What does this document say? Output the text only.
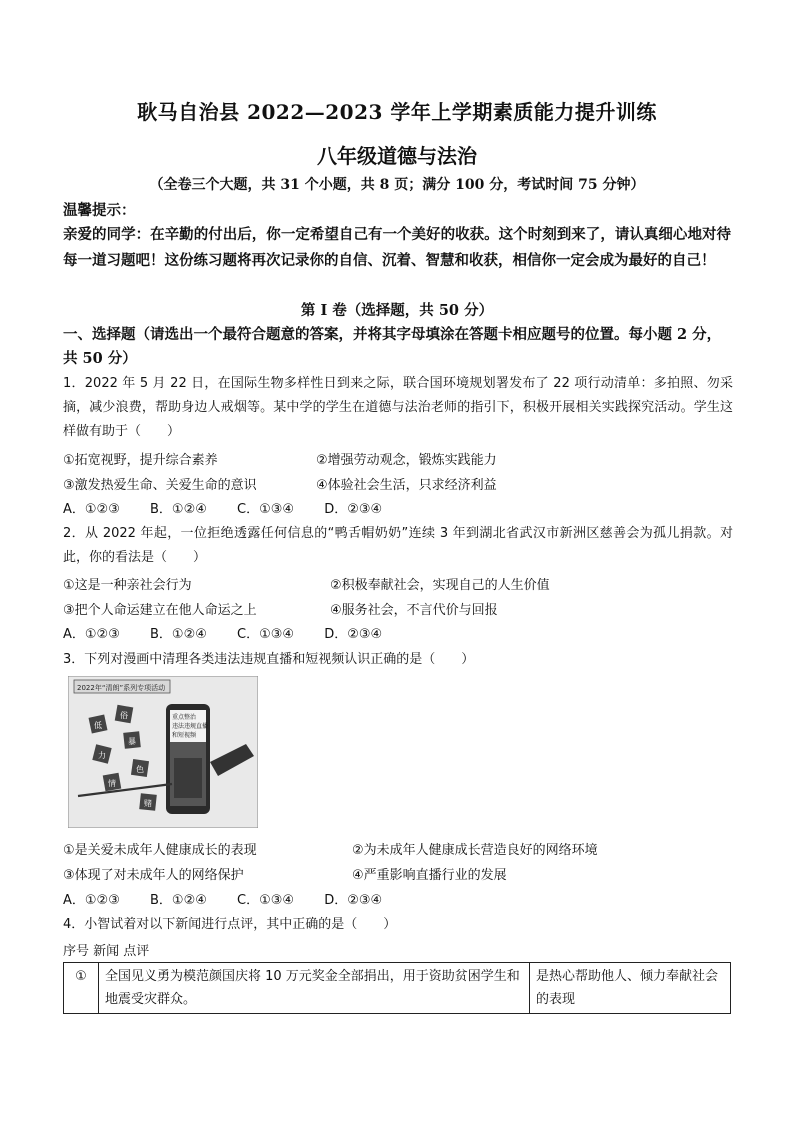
耿马自治县 2022—2023 学年上学期素质能力提升训练
八年级道德与法治
（全卷三个大题，共 31 个小题，共 8 页；满分 100 分，考试时间 75 分钟）
温馨提示：
亲爱的同学：在辛勤的付出后，你一定希望自己有一个美好的收获。这个时刻到来了，请认真细心地对待每一道习题吧！这份练习题将再次记录你的自信、沉着、智慧和收获，相信你一定会成为最好的自己！
第 I 卷（选择题，共 50 分）
一、选择题（请选出一个最符合题意的答案，并将其字母填涂在答题卡相应题号的位置。每小题 2 分，共 50 分）
1．2022 年 5 月 22 日，在国际生物多样性日到来之际，联合国环境规划署发布了 22 项行动清单：多拍照、勿采摘，减少浪费，帮助身边人戒烟等。某中学的学生在道德与法治老师的指引下，积极开展相关实践探究活动。学生这样做有助于（　　）
①拓宽视野，提升综合素养	②增强劳动观念，锻炼实践能力
③激发热爱生命、关爱生命的意识	④体验社会生活，只求经济利益
A．①②③ B．①②④ C．①③④ D．②③④
2．从 2022 年起，一位拒绝透露任何信息的“鸭舌帽奶奶”连续 3 年到湖北省武汉市新洲区慈善会为孤儿捐款。对此，你的看法是（　　）
①这是一种亲社会行为	②积极奉献社会，实现自己的人生价值
③把个人命运建立在他人命运之上	④服务社会，不言代价与回报
A．①②③ B．①②④ C．①③④ D．②③④
3．下列对漫画中清理各类违法违规直播和短视频认识正确的是（　　）
2022年“清朗”系列专项活动
重点整治
违法违规直播
和短视频
低
俗
暴
力
色
情
赌
①是关爱未成年人健康成长的表现	②为未成年人健康成长营造良好的网络环境
③体现了对未成年人的网络保护	④严重影响直播行业的发展
A．①②③ B．①②④ C．①③④ D．②③④
4．小智试着对以下新闻进行点评，其中正确的是（　　）
序号 新闻 点评
①	全国见义勇为模范颜国庆将 10 万元奖金全部捐出，用于资助贫困学生和地震受灾群众。	是热心帮助他人、倾力奉献社会的表现
